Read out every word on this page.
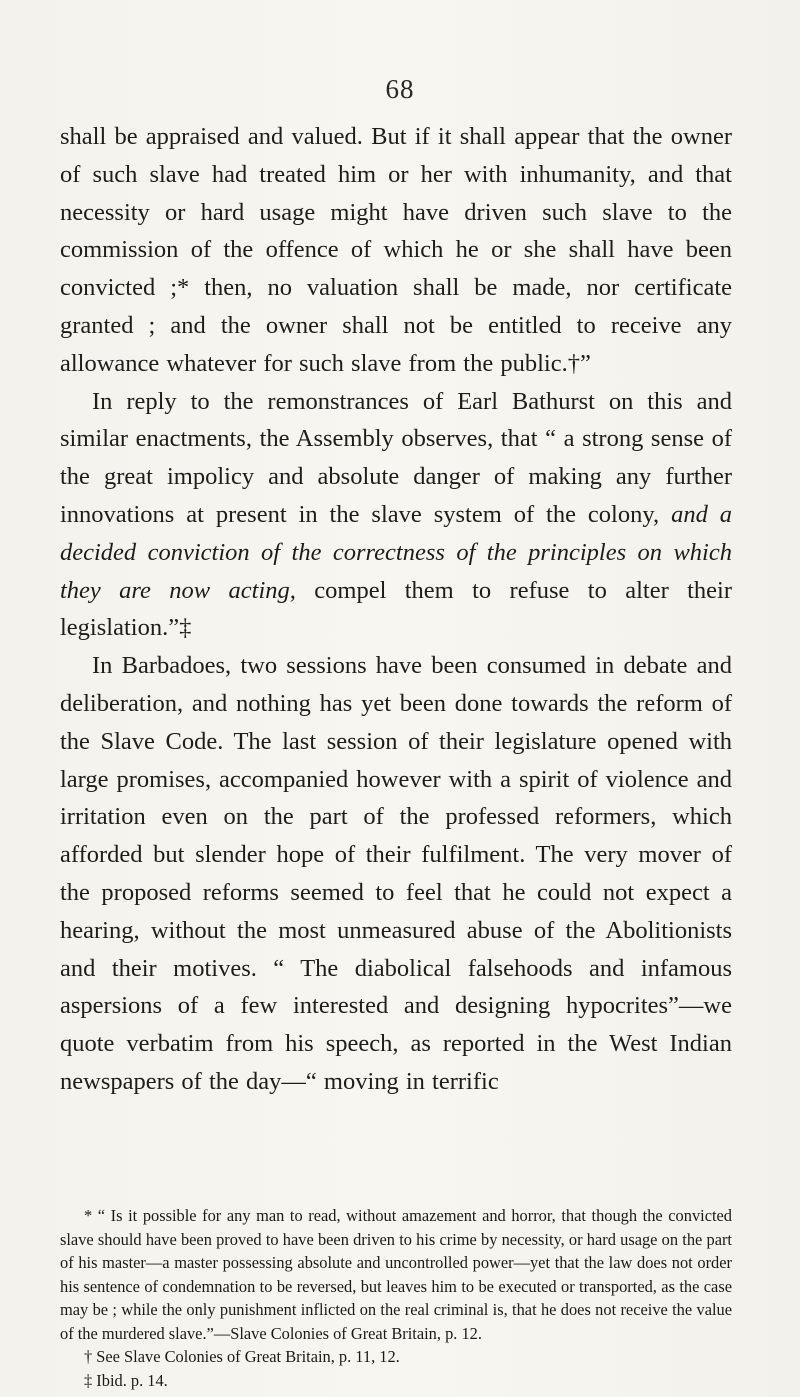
68

shall be appraised and valued. But if it shall appear that the owner of such slave had treated him or her with inhumanity, and that necessity or hard usage might have driven such slave to the commission of the offence of which he or she shall have been convicted ;* then, no valuation shall be made, nor certificate granted ; and the owner shall not be entitled to receive any allowance whatever for such slave from the public.†”

In reply to the remonstrances of Earl Bathurst on this and similar enactments, the Assembly observes, that “ a strong sense of the great impolicy and absolute danger of making any further innovations at present in the slave system of the colony, and a decided conviction of the correctness of the principles on which they are now acting, compel them to refuse to alter their legislation.”‡

In Barbadoes, two sessions have been consumed in debate and deliberation, and nothing has yet been done towards the reform of the Slave Code. The last session of their legislature opened with large promises, accompanied however with a spirit of violence and irritation even on the part of the professed reformers, which afforded but slender hope of their fulfilment. The very mover of the proposed reforms seemed to feel that he could not expect a hearing, without the most unmeasured abuse of the Abolitionists and their motives. “ The diabolical falsehoods and infamous aspersions of a few interested and designing hypocrites”—we quote verbatim from his speech, as reported in the West Indian newspapers of the day—“ moving in terrific

* “ Is it possible for any man to read, without amazement and horror, that though the convicted slave should have been proved to have been driven to his crime by necessity, or hard usage on the part of his master—a master possessing absolute and uncontrolled power—yet that the law does not order his sentence of condemnation to be reversed, but leaves him to be executed or transported, as the case may be ; while the only punishment inflicted on the real criminal is, that he does not receive the value of the murdered slave.”—Slave Colonies of Great Britain, p. 12.

† See Slave Colonies of Great Britain, p. 11, 12.

‡ Ibid. p. 14.
